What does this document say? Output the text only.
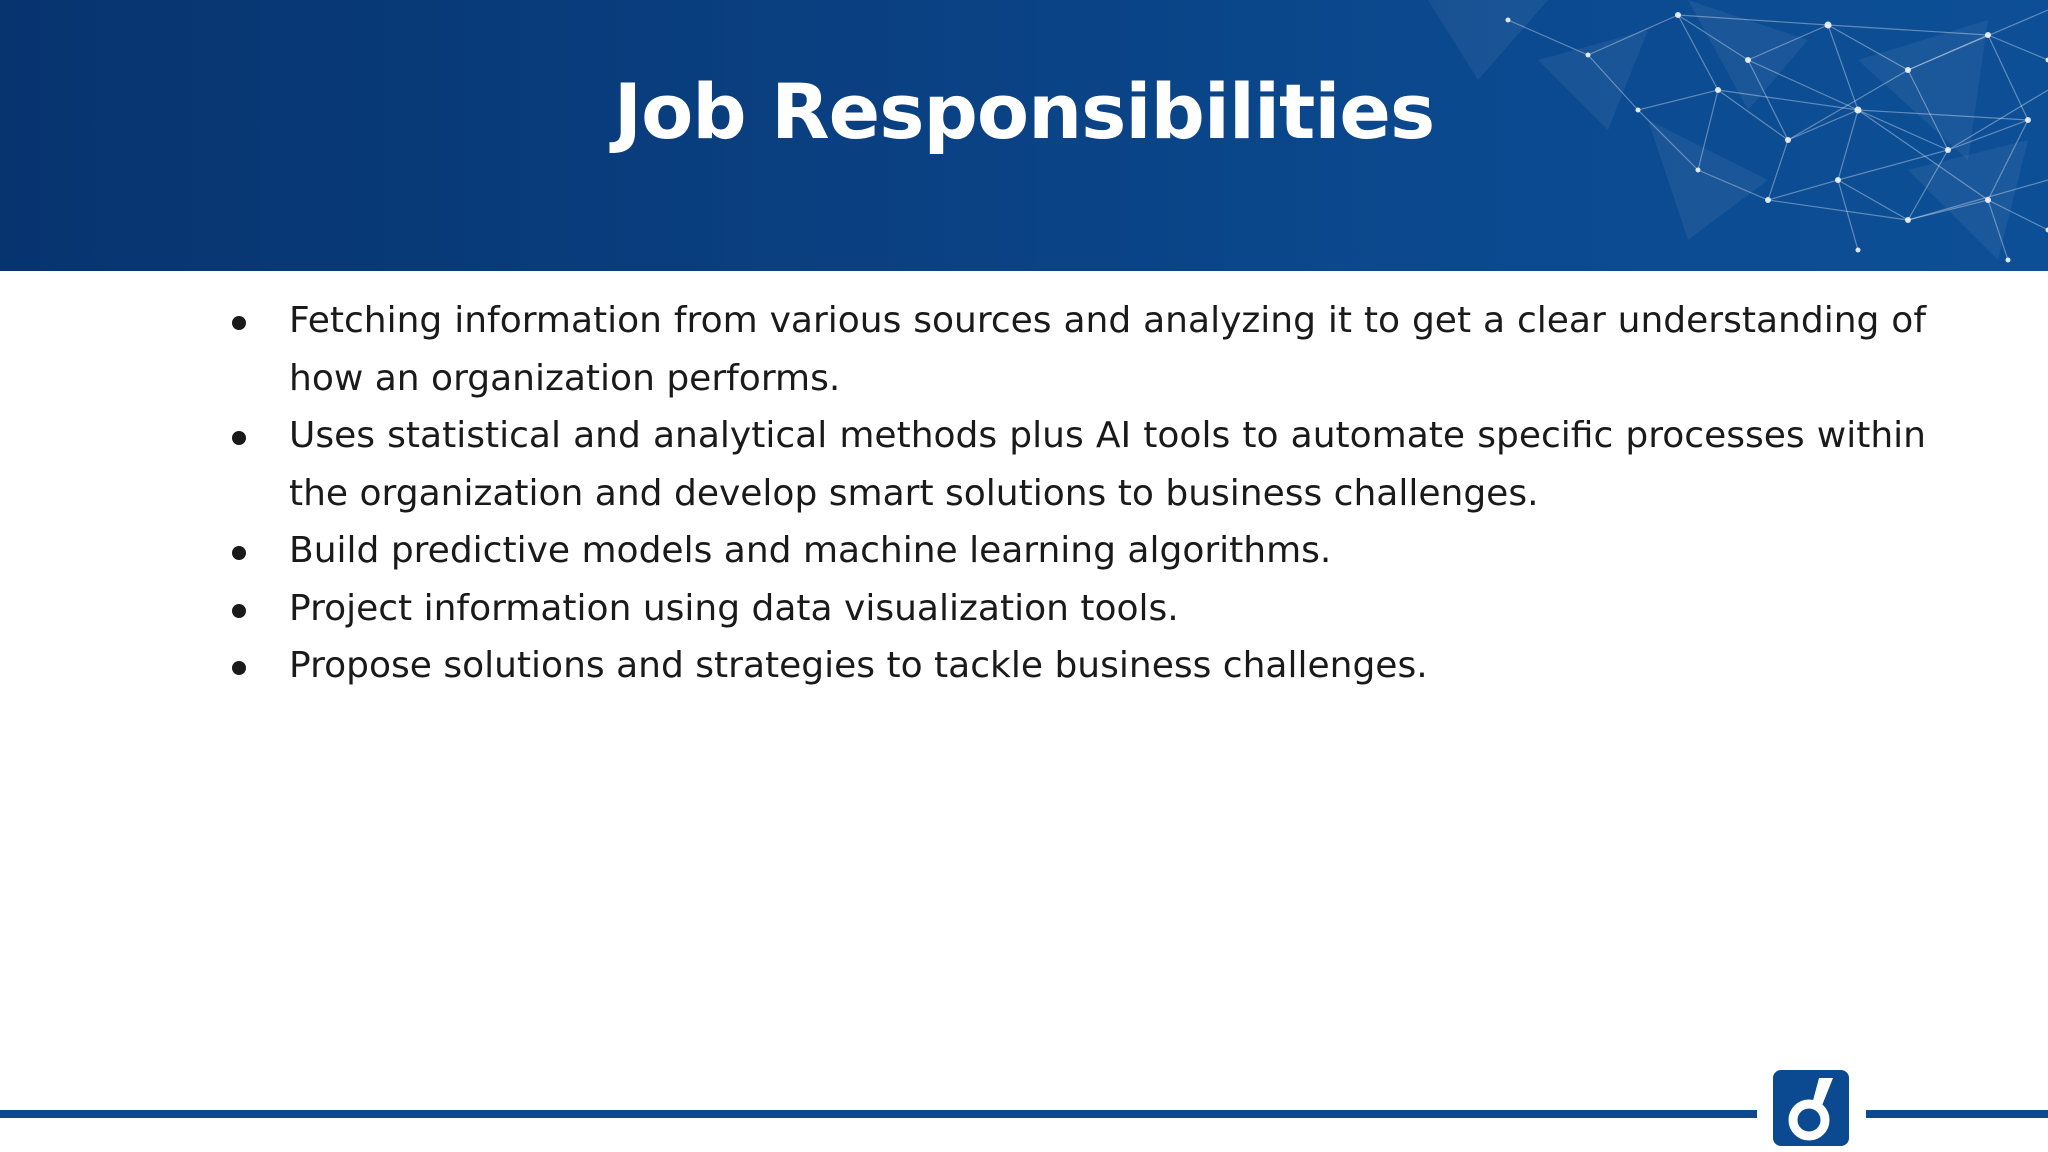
Job Responsibilities
Fetching information from various sources and analyzing it to get a clear understanding of how an organization performs.
Uses statistical and analytical methods plus AI tools to automate specific processes within the organization and develop smart solutions to business challenges.
Build predictive models and machine learning algorithms.
Project information using data visualization tools.
Propose solutions and strategies to tackle business challenges.
